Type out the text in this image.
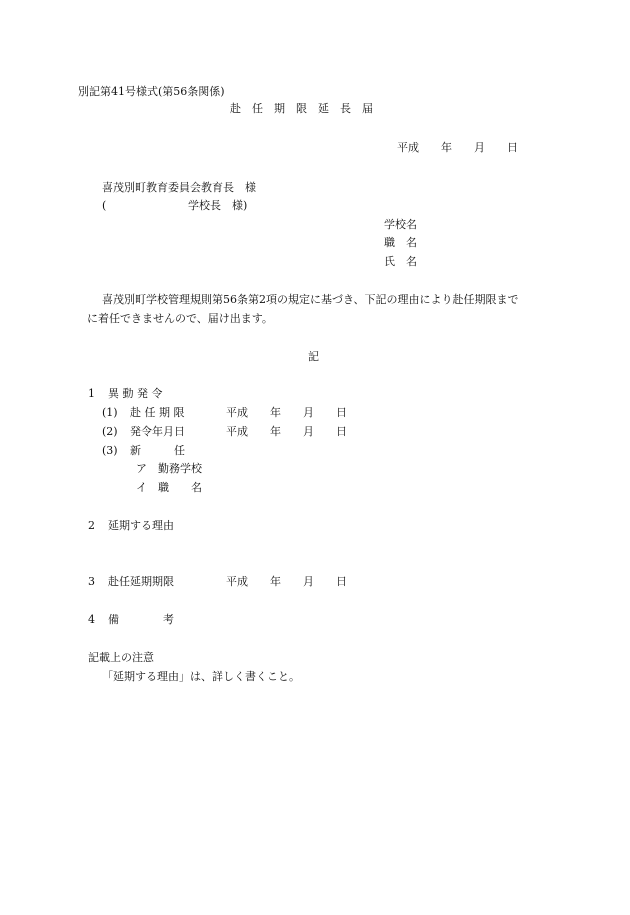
別記第41号様式(第56条関係)
赴　任　期　限　延　長　届
平成　　年　　月　　日
喜茂別町教育委員会教育長　様
(	学校長　様)
学校名
職　名
氏　名
喜茂別町学校管理規則第56条第2項の規定に基づき、下記の理由により赴任期限まで
に着任できませんので、届け出ます。
記
1 異 動 発 令
(1) 赴 任 期 限	平成　　年　　月　　日
(2) 発令年月日	平成　　年　　月　　日
(3) 新　　　任
ア 勤務学校
イ 職　　名
2 延期する理由
3 赴任延期期限	平成　　年　　月　　日
4 備　　　　考
記載上の注意
「延期する理由」は、詳しく書くこと。
